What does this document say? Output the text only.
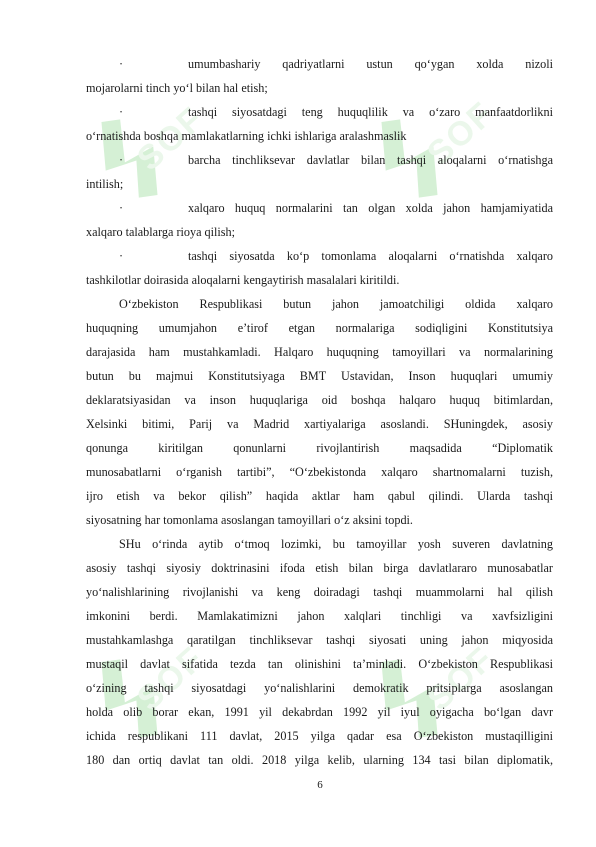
SOF	SOF
SOF	SOF
·	umumbashariy qadriyatlarni ustun qo‘ygan xolda nizoli
mojarolarni tinch yo‘l bilan hal etish;
·	tashqi siyosatdagi teng huquqlilik va o‘zaro manfaatdorlikni
o‘rnatishda boshqa mamlakatlarning ichki ishlariga aralashmaslik
·	barcha tinchliksevar davlatlar bilan tashqi aloqalarni o‘rnatishga
intilish;
·	xalqaro huquq normalarini tan olgan xolda jahon hamjamiyatida
xalqaro talablarga rioya qilish;
·	tashqi siyosatda ko‘p tomonlama aloqalarni o‘rnatishda xalqaro
tashkilotlar doirasida aloqalarni kengaytirish masalalari kiritildi.
O‘zbekiston Respublikasi butun jahon jamoatchiligi oldida xalqaro
huquqning umumjahon e’tirof etgan normalariga sodiqligini Konstitutsiya
darajasida ham mustahkamladi. Halqaro huquqning tamoyillari va normalarining
butun bu majmui Konstitutsiyaga BMT Ustavidan, Inson huquqlari umumiy
deklaratsiyasidan va inson huquqlariga oid boshqa halqaro huquq bitimlardan,
Xelsinki bitimi, Parij va Madrid xartiyalariga asoslandi. SHuningdek, asosiy
qonunga kiritilgan qonunlarni rivojlantirish maqsadida “Diplomatik
munosabatlarni o‘rganish tartibi”, “O‘zbekistonda xalqaro shartnomalarni tuzish,
ijro etish va bekor qilish” haqida aktlar ham qabul qilindi. Ularda tashqi
siyosatning har tomonlama asoslangan tamoyillari o‘z aksini topdi.
SHu o‘rinda aytib o‘tmoq lozimki, bu tamoyillar yosh suveren davlatning
asosiy tashqi siyosiy doktrinasini ifoda etish bilan birga davlatlararo munosabatlar
yo‘nalishlarining rivojlanishi va keng doiradagi tashqi muammolarni hal qilish
imkonini berdi. Mamlakatimizni jahon xalqlari tinchligi va xavfsizligini
mustahkamlashga qaratilgan tinchliksevar tashqi siyosati uning jahon miqyosida
mustaqil davlat sifatida tezda tan olinishini ta’minladi. O‘zbekiston Respublikasi
o‘zining tashqi siyosatdagi yo‘nalishlarini demokratik pritsiplarga asoslangan
holda olib borar ekan, 1991 yil dekabrdan 1992 yil iyul oyigacha bo‘lgan davr
ichida respublikani 111 davlat, 2015 yilga qadar esa O‘zbekiston mustaqilligini
180 dan ortiq davlat tan oldi. 2018 yilga kelib, ularning 134 tasi bilan diplomatik,
6
